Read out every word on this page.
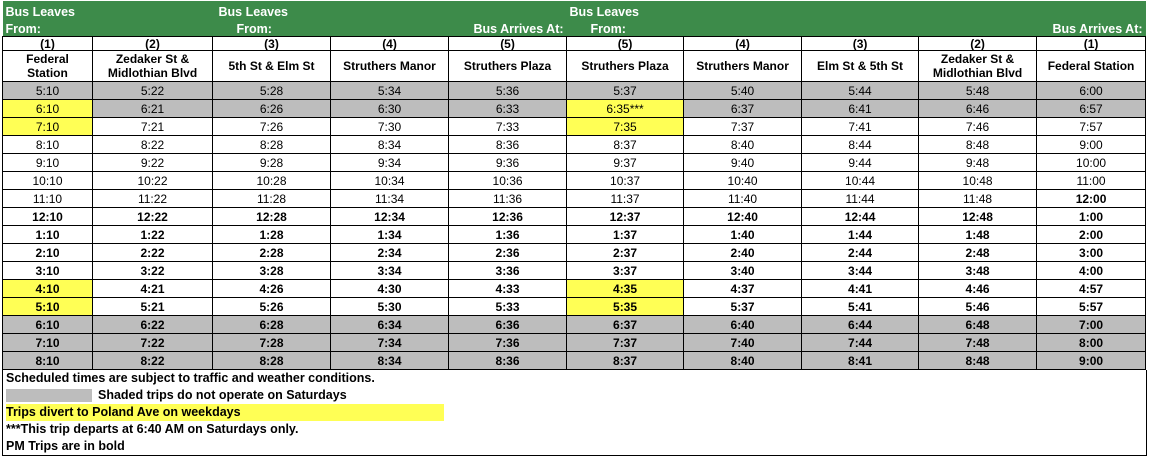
Bus Leaves		Bus Leaves			Bus Leaves				
From:		From:		Bus Arrives At:	From:			Bus Arrives At:	
(1)	(2)	(3)	(4)	(5)	(5)	(4)	(3)	(2)	(1)
Federal Station	Zedaker St & Midlothian Blvd	5th St & Elm St	Struthers Manor	Struthers Plaza	Struthers Plaza	Struthers Manor	Elm St & 5th St	Zedaker St & Midlothian Blvd	Federal Station
5:10	5:22	5:28	5:34	5:36	5:37	5:40	5:44	5:48	6:00
6:10	6:21	6:26	6:30	6:33	6:35***	6:37	6:41	6:46	6:57
7:10	7:21	7:26	7:30	7:33	7:35	7:37	7:41	7:46	7:57
8:10	8:22	8:28	8:34	8:36	8:37	8:40	8:44	8:48	9:00
9:10	9:22	9:28	9:34	9:36	9:37	9:40	9:44	9:48	10:00
10:10	10:22	10:28	10:34	10:36	10:37	10:40	10:44	10:48	11:00
11:10	11:22	11:28	11:34	11:36	11:37	11:40	11:44	11:48	12:00
12:10	12:22	12:28	12:34	12:36	12:37	12:40	12:44	12:48	1:00
1:10	1:22	1:28	1:34	1:36	1:37	1:40	1:44	1:48	2:00
2:10	2:22	2:28	2:34	2:36	2:37	2:40	2:44	2:48	3:00
3:10	3:22	3:28	3:34	3:36	3:37	3:40	3:44	3:48	4:00
4:10	4:21	4:26	4:30	4:33	4:35	4:37	4:41	4:46	4:57
5:10	5:21	5:26	5:30	5:33	5:35	5:37	5:41	5:46	5:57
6:10	6:22	6:28	6:34	6:36	6:37	6:40	6:44	6:48	7:00
7:10	7:22	7:28	7:34	7:36	7:37	7:40	7:44	7:48	8:00
8:10	8:22	8:28	8:34	8:36	8:37	8:40	8:41	8:48	9:00
Scheduled times are subject to traffic and weather conditions.
Shaded trips do not operate on Saturdays
Trips divert to Poland Ave on weekdays
***This trip departs at 6:40 AM on Saturdays only.
PM Trips are in bold
